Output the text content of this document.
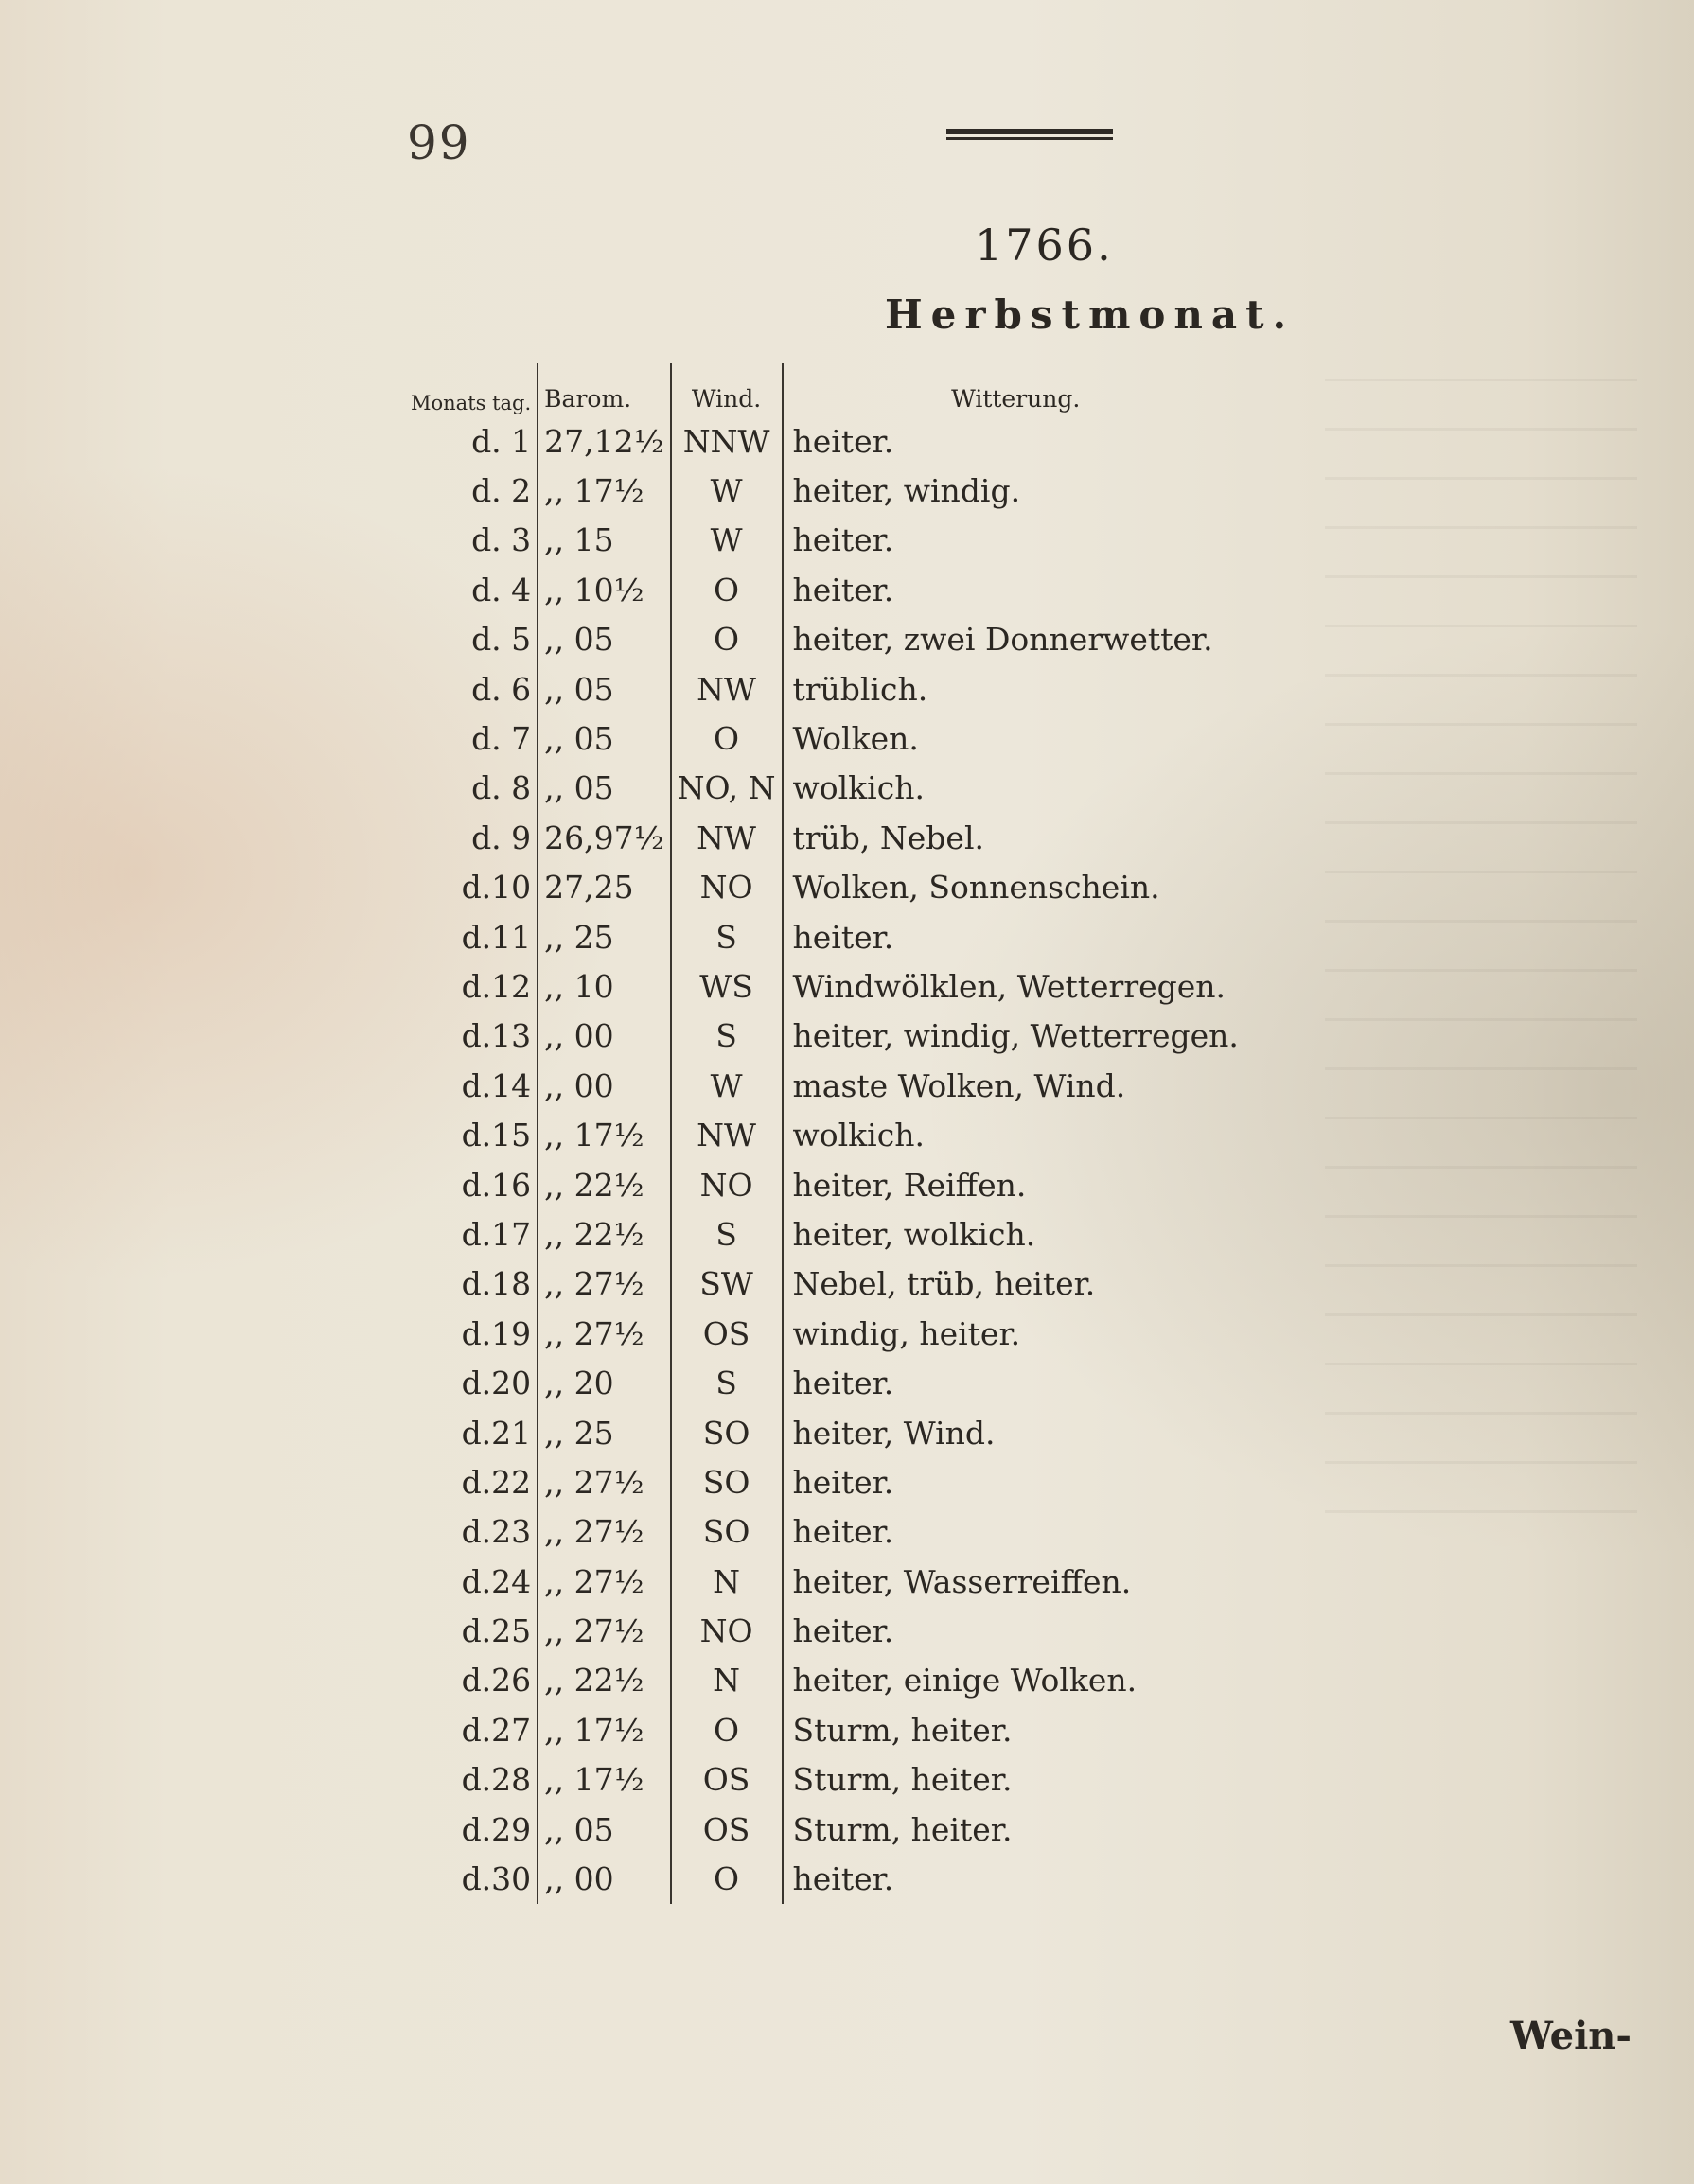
99
1766.
Herbstmonat.
Monats tag.	Barom.	Wind.	Witterung.
d. 1	27,12½	NNW	heiter.
d. 2	,, 17½	W	heiter, windig.
d. 3	,, 15	W	heiter.
d. 4	,, 10½	O	heiter.
d. 5	,, 05	O	heiter, zwei Donnerwetter.
d. 6	,, 05	NW	trüblich.
d. 7	,, 05	O	Wolken.
d. 8	,, 05	NO, N	wolkich.
d. 9	26,97½	NW	trüb, Nebel.
d.10	27,25	NO	Wolken, Sonnenschein.
d.11	,, 25	S	heiter.
d.12	,, 10	WS	Windwölklen, Wetterregen.
d.13	,, 00	S	heiter, windig, Wetterregen.
d.14	,, 00	W	maste Wolken, Wind.
d.15	,, 17½	NW	wolkich.
d.16	,, 22½	NO	heiter, Reiffen.
d.17	,, 22½	S	heiter, wolkich.
d.18	,, 27½	SW	Nebel, trüb, heiter.
d.19	,, 27½	OS	windig, heiter.
d.20	,, 20	S	heiter.
d.21	,, 25	SO	heiter, Wind.
d.22	,, 27½	SO	heiter.
d.23	,, 27½	SO	heiter.
d.24	,, 27½	N	heiter, Wasserreiffen.
d.25	,, 27½	NO	heiter.
d.26	,, 22½	N	heiter, einige Wolken.
d.27	,, 17½	O	Sturm, heiter.
d.28	,, 17½	OS	Sturm, heiter.
d.29	,, 05	OS	Sturm, heiter.
d.30	,, 00	O	heiter.
Wein-
